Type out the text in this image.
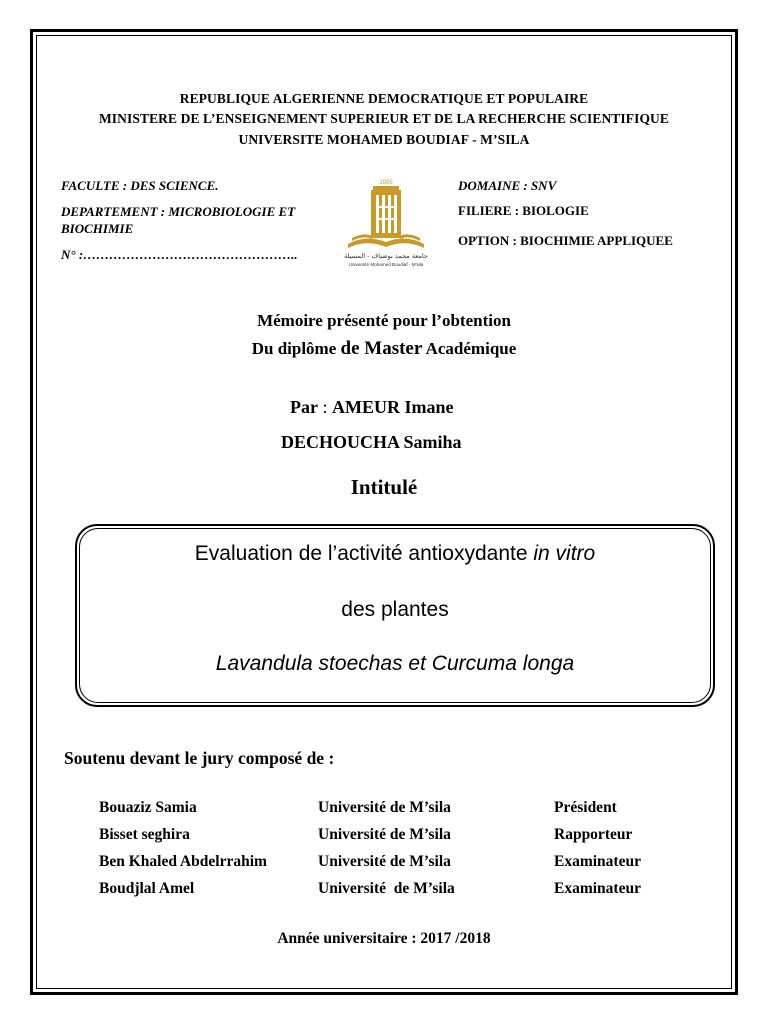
REPUBLIQUE ALGERIENNE DEMOCRATIQUE ET POPULAIRE
MINISTERE DE L’ENSEIGNEMENT SUPERIEUR ET DE LA RECHERCHE SCIENTIFIQUE
UNIVERSITE MOHAMED BOUDIAF - M’SILA
FACULTE : DES SCIENCE.
DEPARTEMENT : MICROBIOLOGIE ET
BIOCHIMIE
N° :…………………………………………..
1985
جامعة محمد بوضياف - المسيلة
Université Mohamed Boudiaf - M’sila
DOMAINE : SNV
FILIERE : BIOLOGIE
OPTION : BIOCHIMIE APPLIQUEE
Mémoire présenté pour l’obtention
Du diplôme de Master Académique
Par : AMEUR Imane
DECHOUCHA Samiha
Intitulé
Evaluation de l’activité antioxydante in vitro
des plantes
Lavandula stoechas et Curcuma longa
Soutenu devant le jury composé de :
Bouaziz Samia	Université de M’sila	Président
Bisset seghira	Université de M’sila	Rapporteur
Ben Khaled Abdelrrahim	Université de M’sila	Examinateur
Boudjlal Amel	Université  de M’sila	Examinateur
Année universitaire : 2017 /2018
